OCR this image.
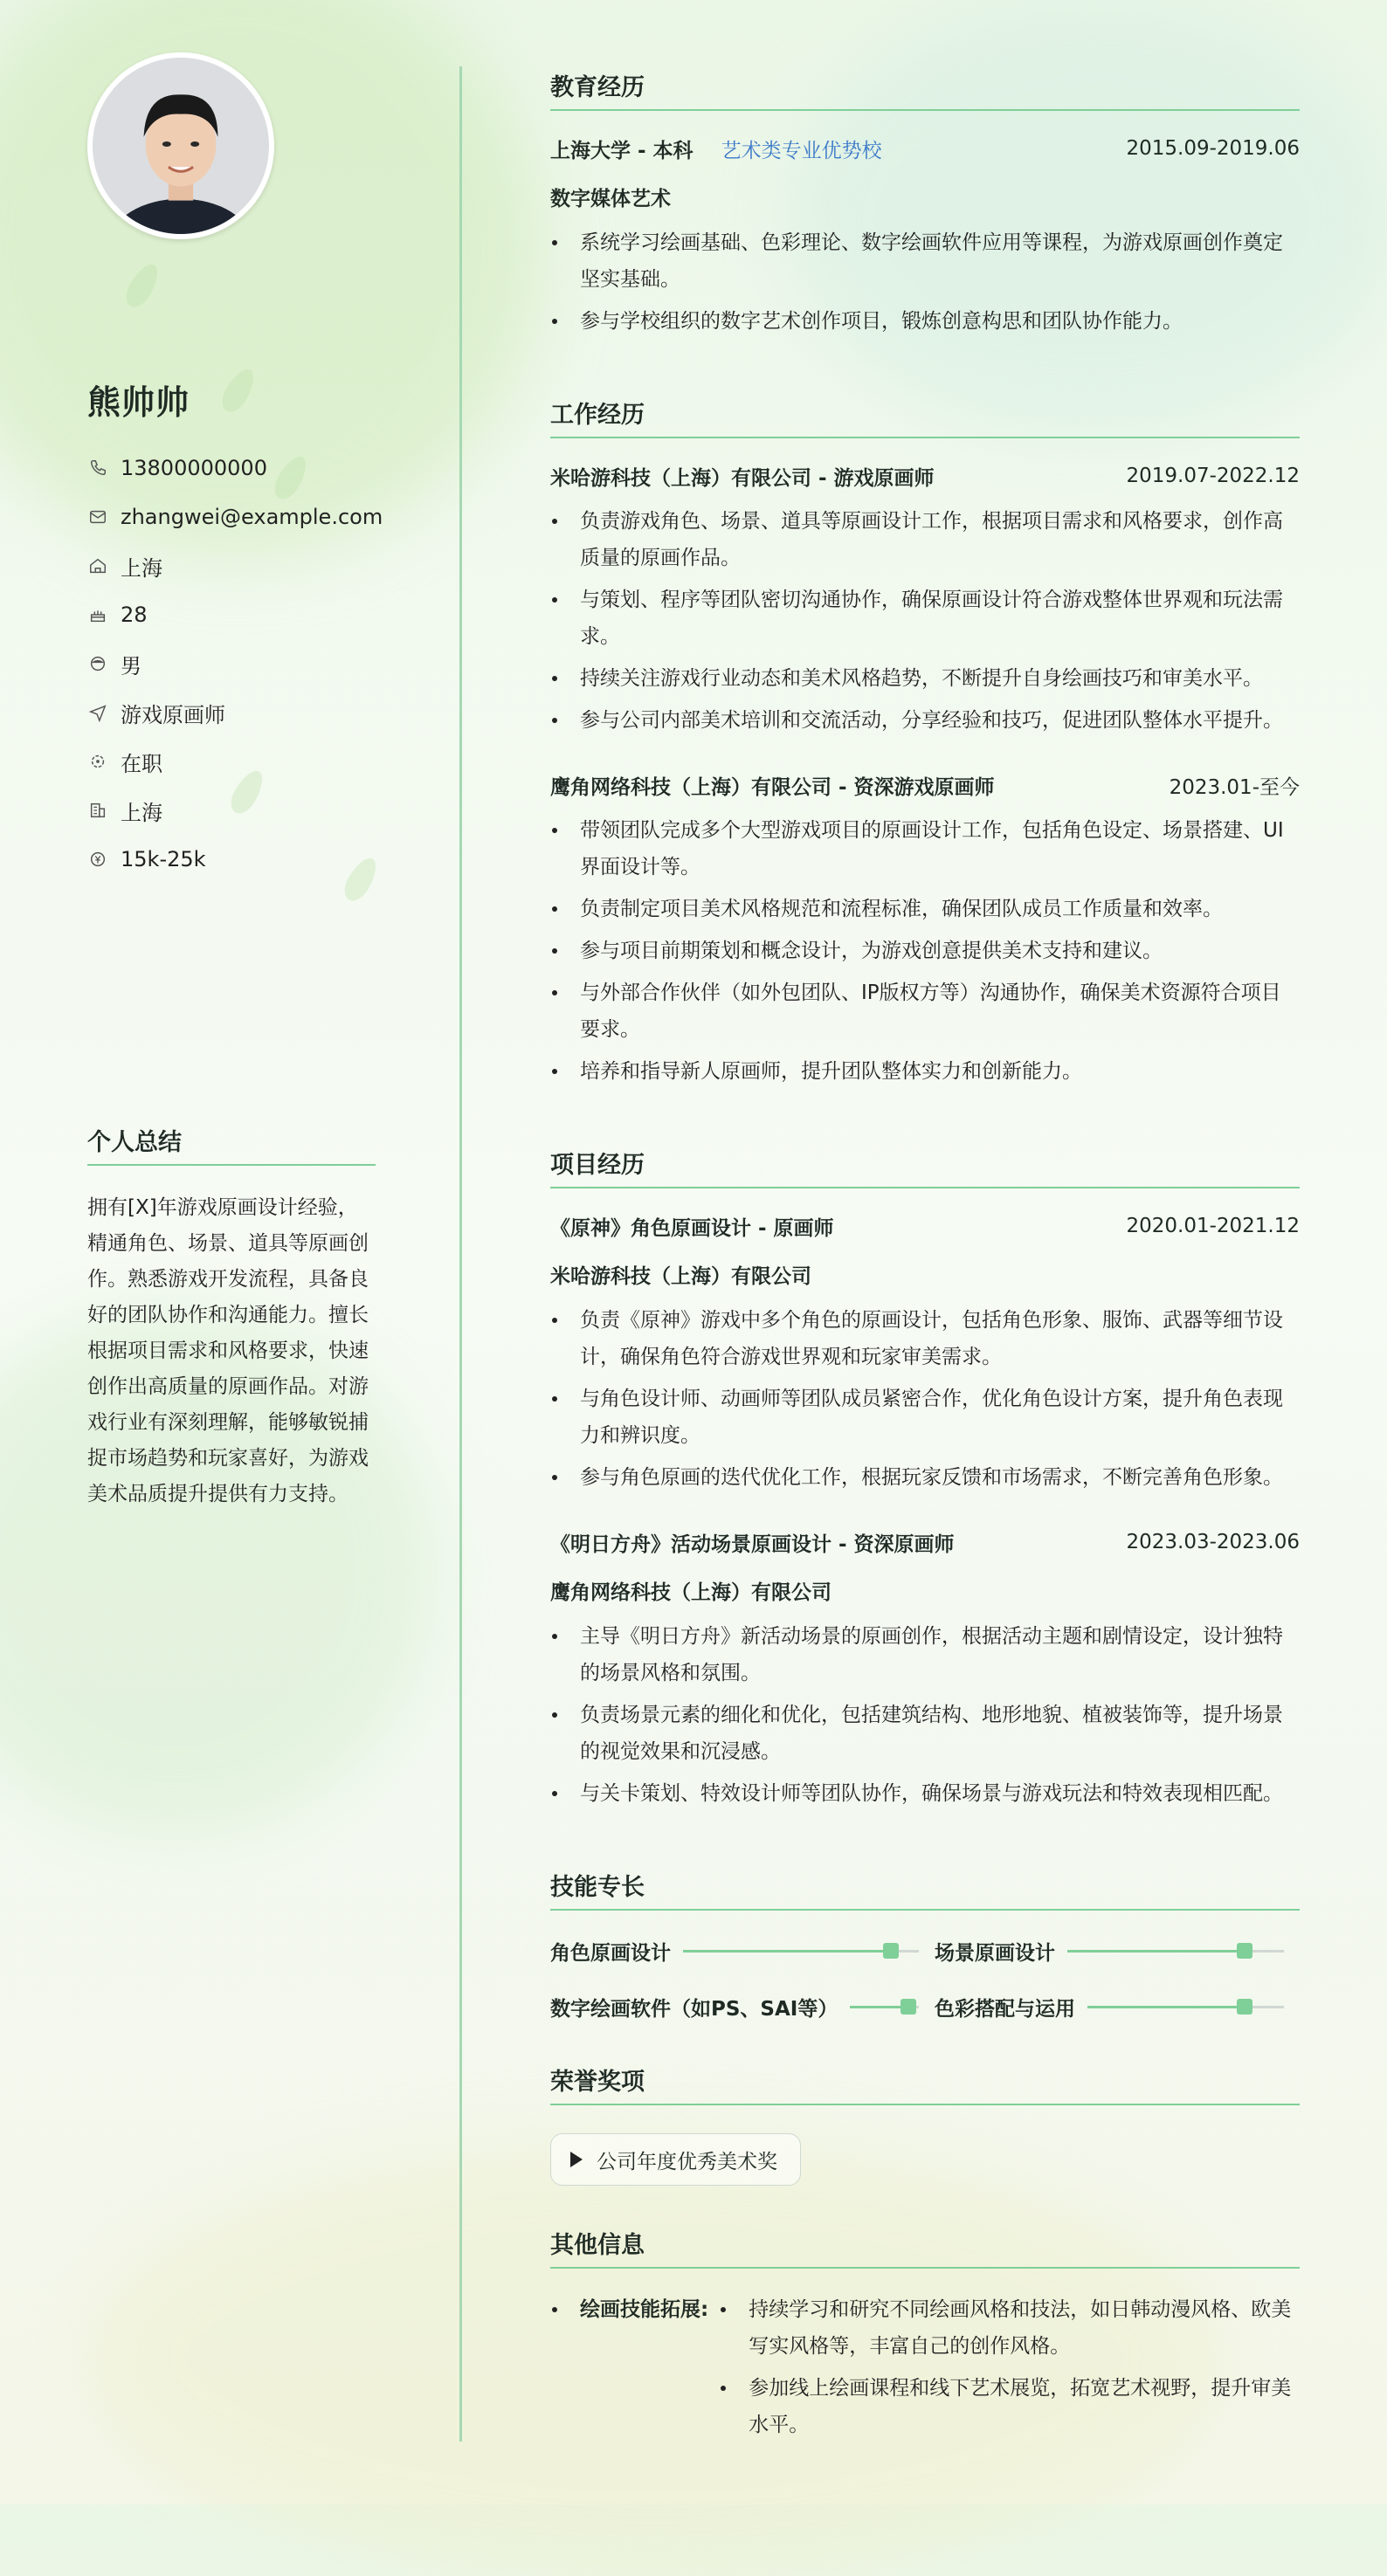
熊帅帅
13800000000
zhangwei@example.com
上海
28
男
游戏原画师
在职
上海
15k-25k
个人总结
拥有[X]年游戏原画设计经验，精通角色、场景、道具等原画创作。熟悉游戏开发流程，具备良好的团队协作和沟通能力。擅长根据项目需求和风格要求，快速创作出高质量的原画作品。对游戏行业有深刻理解，能够敏锐捕捉市场趋势和玩家喜好，为游戏美术品质提升提供有力支持。
教育经历
上海大学 - 本科 艺术类专业优势校	2015.09-2019.06
数字媒体艺术
系统学习绘画基础、色彩理论、数字绘画软件应用等课程，为游戏原画创作奠定坚实基础。
参与学校组织的数字艺术创作项目，锻炼创意构思和团队协作能力。
工作经历
米哈游科技（上海）有限公司 - 游戏原画师	2019.07-2022.12
负责游戏角色、场景、道具等原画设计工作，根据项目需求和风格要求，创作高质量的原画作品。
与策划、程序等团队密切沟通协作，确保原画设计符合游戏整体世界观和玩法需求。
持续关注游戏行业动态和美术风格趋势，不断提升自身绘画技巧和审美水平。
参与公司内部美术培训和交流活动，分享经验和技巧，促进团队整体水平提升。
鹰角网络科技（上海）有限公司 - 资深游戏原画师	2023.01-至今
带领团队完成多个大型游戏项目的原画设计工作，包括角色设定、场景搭建、UI界面设计等。
负责制定项目美术风格规范和流程标准，确保团队成员工作质量和效率。
参与项目前期策划和概念设计，为游戏创意提供美术支持和建议。
与外部合作伙伴（如外包团队、IP版权方等）沟通协作，确保美术资源符合项目要求。
培养和指导新人原画师，提升团队整体实力和创新能力。
项目经历
《原神》角色原画设计 - 原画师	2020.01-2021.12
米哈游科技（上海）有限公司
负责《原神》游戏中多个角色的原画设计，包括角色形象、服饰、武器等细节设计，确保角色符合游戏世界观和玩家审美需求。
与角色设计师、动画师等团队成员紧密合作，优化角色设计方案，提升角色表现力和辨识度。
参与角色原画的迭代优化工作，根据玩家反馈和市场需求，不断完善角色形象。
《明日方舟》活动场景原画设计 - 资深原画师	2023.03-2023.06
鹰角网络科技（上海）有限公司
主导《明日方舟》新活动场景的原画创作，根据活动主题和剧情设定，设计独特的场景风格和氛围。
负责场景元素的细化和优化，包括建筑结构、地形地貌、植被装饰等，提升场景的视觉效果和沉浸感。
与关卡策划、特效设计师等团队协作，确保场景与游戏玩法和特效表现相匹配。
技能专长
角色原画设计	场景原画设计
数字绘画软件（如PS、SAI等）	色彩搭配与运用
荣誉奖项
公司年度优秀美术奖
其他信息
绘画技能拓展:	持续学习和研究不同绘画风格和技法，如日韩动漫风格、欧美写实风格等，丰富自己的创作风格。
参加线上绘画课程和线下艺术展览，拓宽艺术视野，提升审美水平。
